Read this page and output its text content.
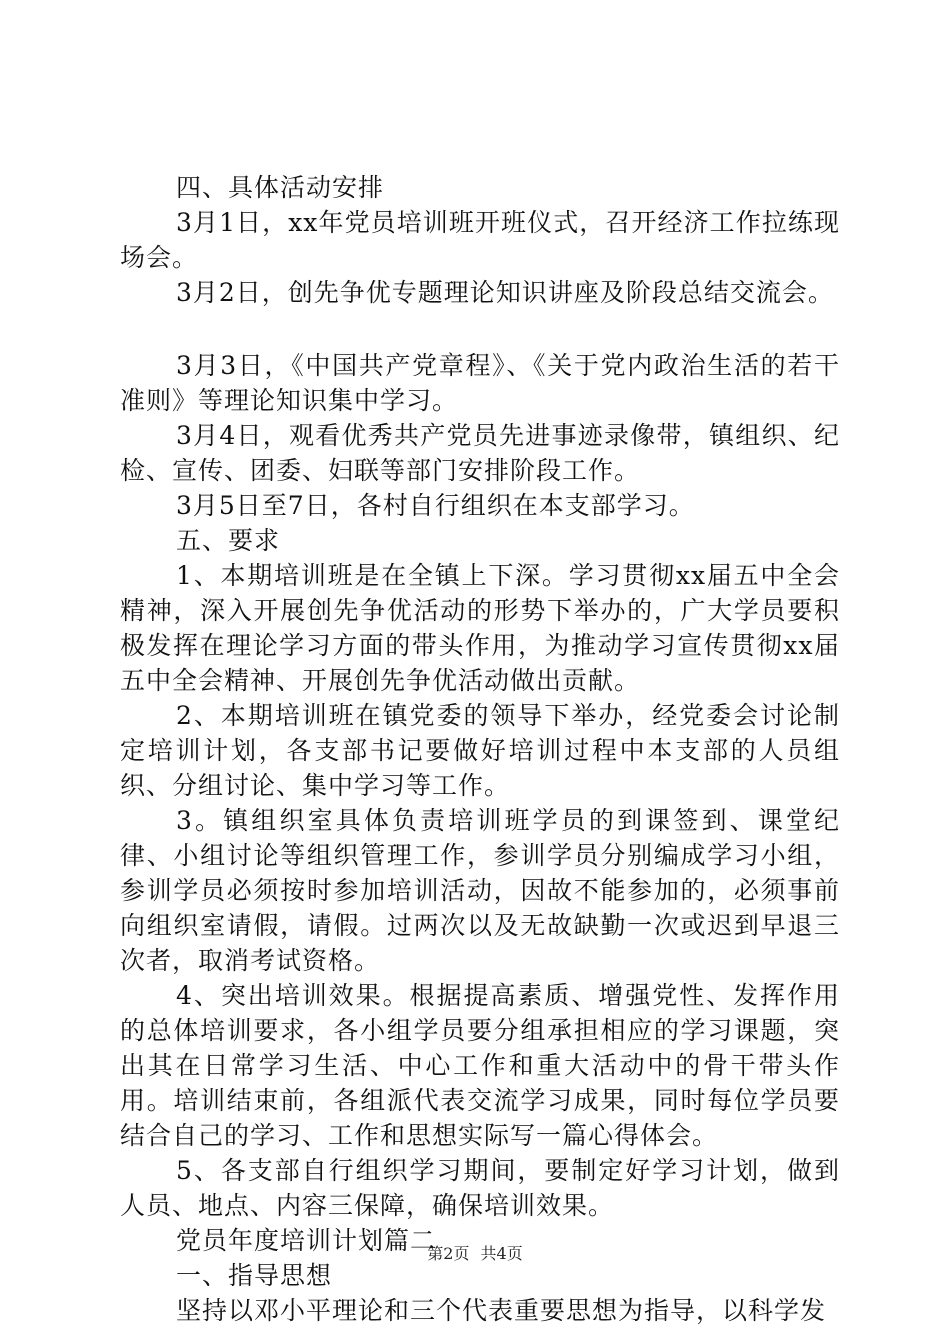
四、具体活动安排

3月1日，xx年党员培训班开班仪式，召开经济工作拉练现场会。

3月2日，创先争优专题理论知识讲座及阶段总结交流会。

3月3日，《中国共产党章程》、《关于党内政治生活的若干准则》等理论知识集中学习。

3月4日，观看优秀共产党员先进事迹录像带，镇组织、纪检、宣传、团委、妇联等部门安排阶段工作。

3月5日至7日，各村自行组织在本支部学习。

五、要求

1、本期培训班是在全镇上下深。学习贯彻xx届五中全会精神，深入开展创先争优活动的形势下举办的，广大学员要积极发挥在理论学习方面的带头作用，为推动学习宣传贯彻xx届五中全会精神、开展创先争优活动做出贡献。

2、本期培训班在镇党委的领导下举办，经党委会讨论制定培训计划，各支部书记要做好培训过程中本支部的人员组织、分组讨论、集中学习等工作。

3。镇组织室具体负责培训班学员的到课签到、课堂纪律、小组讨论等组织管理工作，参训学员分别编成学习小组，参训学员必须按时参加培训活动，因故不能参加的，必须事前向组织室请假，请假。过两次以及无故缺勤一次或迟到早退三次者，取消考试资格。

4、突出培训效果。根据提高素质、增强党性、发挥作用的总体培训要求，各小组学员要分组承担相应的学习课题，突出其在日常学习生活、中心工作和重大活动中的骨干带头作用。培训结束前，各组派代表交流学习成果，同时每位学员要结合自己的学习、工作和思想实际写一篇心得体会。

5、各支部自行组织学习期间，要制定好学习计划，做到人员、地点、内容三保障，确保培训效果。

党员年度培训计划篇二

一、指导思想

坚持以邓小平理论和三个代表重要思想为指导，以科学发

第2页 共4页
